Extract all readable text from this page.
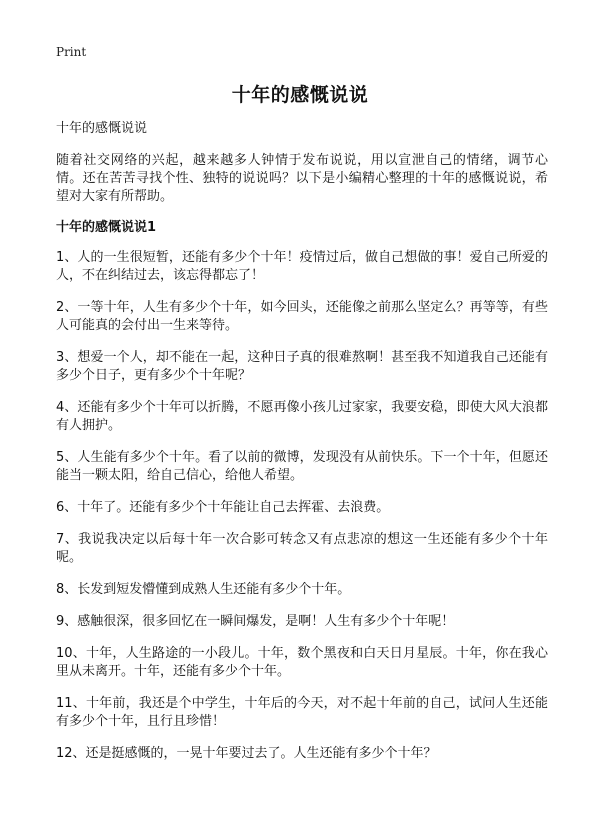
Print
十年的感慨说说

十年的感慨说说

随着社交网络的兴起，越来越多人钟情于发布说说，用以宣泄自己的情绪，调节心情。还在苦苦寻找个性、独特的说说吗？以下是小编精心整理的十年的感慨说说，希望对大家有所帮助。

十年的感慨说说1

1、人的一生很短暂，还能有多少个十年！疫情过后，做自己想做的事！爱自己所爱的人，不在纠结过去，该忘得都忘了！

2、一等十年，人生有多少个十年，如今回头，还能像之前那么坚定么？再等等，有些人可能真的会付出一生来等待。

3、想爱一个人，却不能在一起，这种日子真的很难熬啊！甚至我不知道我自己还能有多少个日子，更有多少个十年呢？

4、还能有多少个十年可以折腾，不愿再像小孩儿过家家，我要安稳，即使大风大浪都有人拥护。

5、人生能有多少个十年。看了以前的微博，发现没有从前快乐。下一个十年，但愿还能当一颗太阳，给自己信心，给他人希望。

6、十年了。还能有多少个十年能让自己去挥霍、去浪费。

7、我说我决定以后每十年一次合影可转念又有点悲凉的想这一生还能有多少个十年呢。

8、长发到短发懵懂到成熟人生还能有多少个十年。

9、感触很深，很多回忆在一瞬间爆发，是啊！人生有多少个十年呢！

10、十年，人生路途的一小段儿。十年，数个黑夜和白天日月星辰。十年，你在我心里从未离开。十年，还能有多少个十年。

11、十年前，我还是个中学生，十年后的今天，对不起十年前的自己，试问人生还能有多少个十年，且行且珍惜！

12、还是挺感慨的，一晃十年要过去了。人生还能有多少个十年？
